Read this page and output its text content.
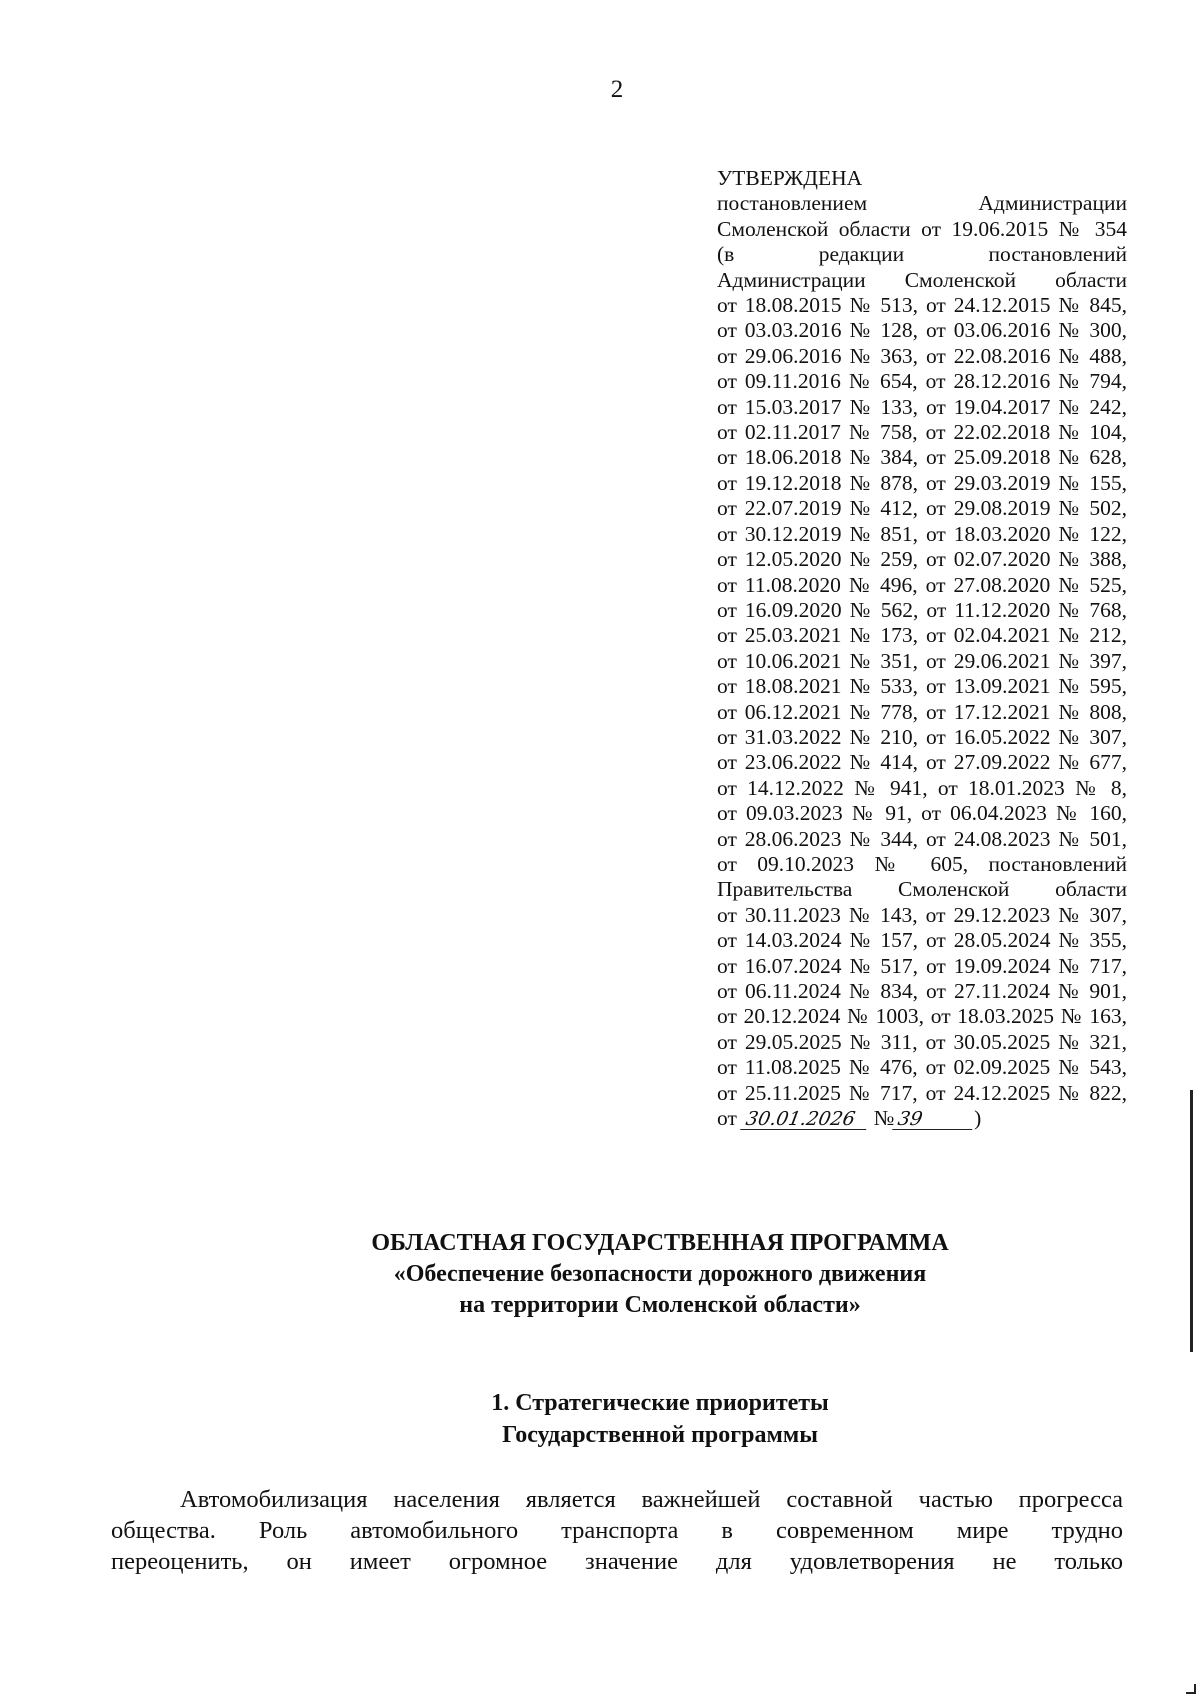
2
УТВЕРЖДЕНА
постановлением Администрации
Смоленской области от 19.06.2015 № 354
(в редакции постановлений
Администрации Смоленской области
от 18.08.2015 № 513, от 24.12.2015 № 845,
от 03.03.2016 № 128, от 03.06.2016 № 300,
от 29.06.2016 № 363, от 22.08.2016 № 488,
от 09.11.2016 № 654, от 28.12.2016 № 794,
от 15.03.2017 № 133, от 19.04.2017 № 242,
от 02.11.2017 № 758, от 22.02.2018 № 104,
от 18.06.2018 № 384, от 25.09.2018 № 628,
от 19.12.2018 № 878, от 29.03.2019 № 155,
от 22.07.2019 № 412, от 29.08.2019 № 502,
от 30.12.2019 № 851, от 18.03.2020 № 122,
от 12.05.2020 № 259, от 02.07.2020 № 388,
от 11.08.2020 № 496, от 27.08.2020 № 525,
от 16.09.2020 № 562, от 11.12.2020 № 768,
от 25.03.2021 № 173, от 02.04.2021 № 212,
от 10.06.2021 № 351, от 29.06.2021 № 397,
от 18.08.2021 № 533, от 13.09.2021 № 595,
от 06.12.2021 № 778, от 17.12.2021 № 808,
от 31.03.2022 № 210, от 16.05.2022 № 307,
от 23.06.2022 № 414, от 27.09.2022 № 677,
от 14.12.2022 № 941, от 18.01.2023 № 8,
от 09.03.2023 № 91, от 06.04.2023 № 160,
от 28.06.2023 № 344, от 24.08.2023 № 501,
от 09.10.2023 № 605, постановлений
Правительства Смоленской области
от 30.11.2023 № 143, от 29.12.2023 № 307,
от 14.03.2024 № 157, от 28.05.2024 № 355,
от 16.07.2024 № 517, от 19.09.2024 № 717,
от 06.11.2024 № 834, от 27.11.2024 № 901,
от 20.12.2024 № 1003, от 18.03.2025 № 163,
от 29.05.2025 № 311, от 30.05.2025 № 321,
от 11.08.2025 № 476, от 02.09.2025 № 543,
от 25.11.2025 № 717, от 24.12.2025 № 822,
от 30.01.2026 № 39 )
ОБЛАСТНАЯ ГОСУДАРСТВЕННАЯ ПРОГРАММА
«Обеспечение безопасности дорожного движения
на территории Смоленской области»
1. Стратегические приоритеты
Государственной программы
Автомобилизация населения является важнейшей составной частью прогресса
общества. Роль автомобильного транспорта в современном мире трудно
переоценить, он имеет огромное значение для удовлетворения не только
